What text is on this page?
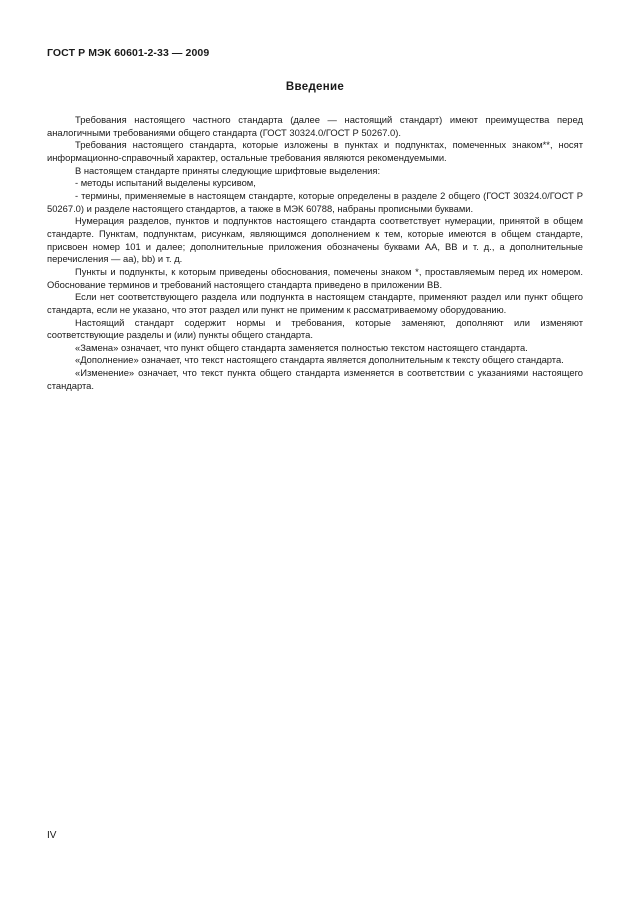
ГОСТ Р МЭК 60601-2-33 — 2009
Введение

Требования настоящего частного стандарта (далее — настоящий стандарт) имеют преимущества перед аналогичными требованиями общего стандарта (ГОСТ 30324.0/ГОСТ Р 50267.0).

Требования настоящего стандарта, которые изложены в пунктах и подпунктах, помеченных знаком**, носят информационно-справочный характер, остальные требования являются рекомендуемыми.

В настоящем стандарте приняты следующие шрифтовые выделения:

- методы испытаний выделены курсивом,

- термины, применяемые в настоящем стандарте, которые определены в разделе 2 общего (ГОСТ 30324.0/ГОСТ Р 50267.0) и разделе настоящего стандартов, а также в МЭК 60788, набраны прописными буквами.

Нумерация разделов, пунктов и подпунктов настоящего стандарта соответствует нумерации, принятой в общем стандарте. Пунктам, подпунктам, рисункам, являющимся дополнением к тем, которые имеются в общем стандарте, присвоен номер 101 и далее; дополнительные приложения обозначены буквами АА, ВВ и т. д., а дополнительные перечисления — аа), bb) и т. д.

Пункты и подпункты, к которым приведены обоснования, помечены знаком *, проставляемым перед их номером. Обоснование терминов и требований настоящего стандарта приведено в приложении ВВ.

Если нет соответствующего раздела или подпункта в настоящем стандарте, применяют раздел или пункт общего стандарта, если не указано, что этот раздел или пункт не применим к рассматриваемому оборудованию.

Настоящий стандарт содержит нормы и требования, которые заменяют, дополняют или изменяют соответствующие разделы и (или) пункты общего стандарта.

«Замена» означает, что пункт общего стандарта заменяется полностью текстом настоящего стандарта.

«Дополнение» означает, что текст настоящего стандарта является дополнительным к тексту общего стандарта.

«Изменение» означает, что текст пункта общего стандарта изменяется в соответствии с указаниями настоящего стандарта.

IV
